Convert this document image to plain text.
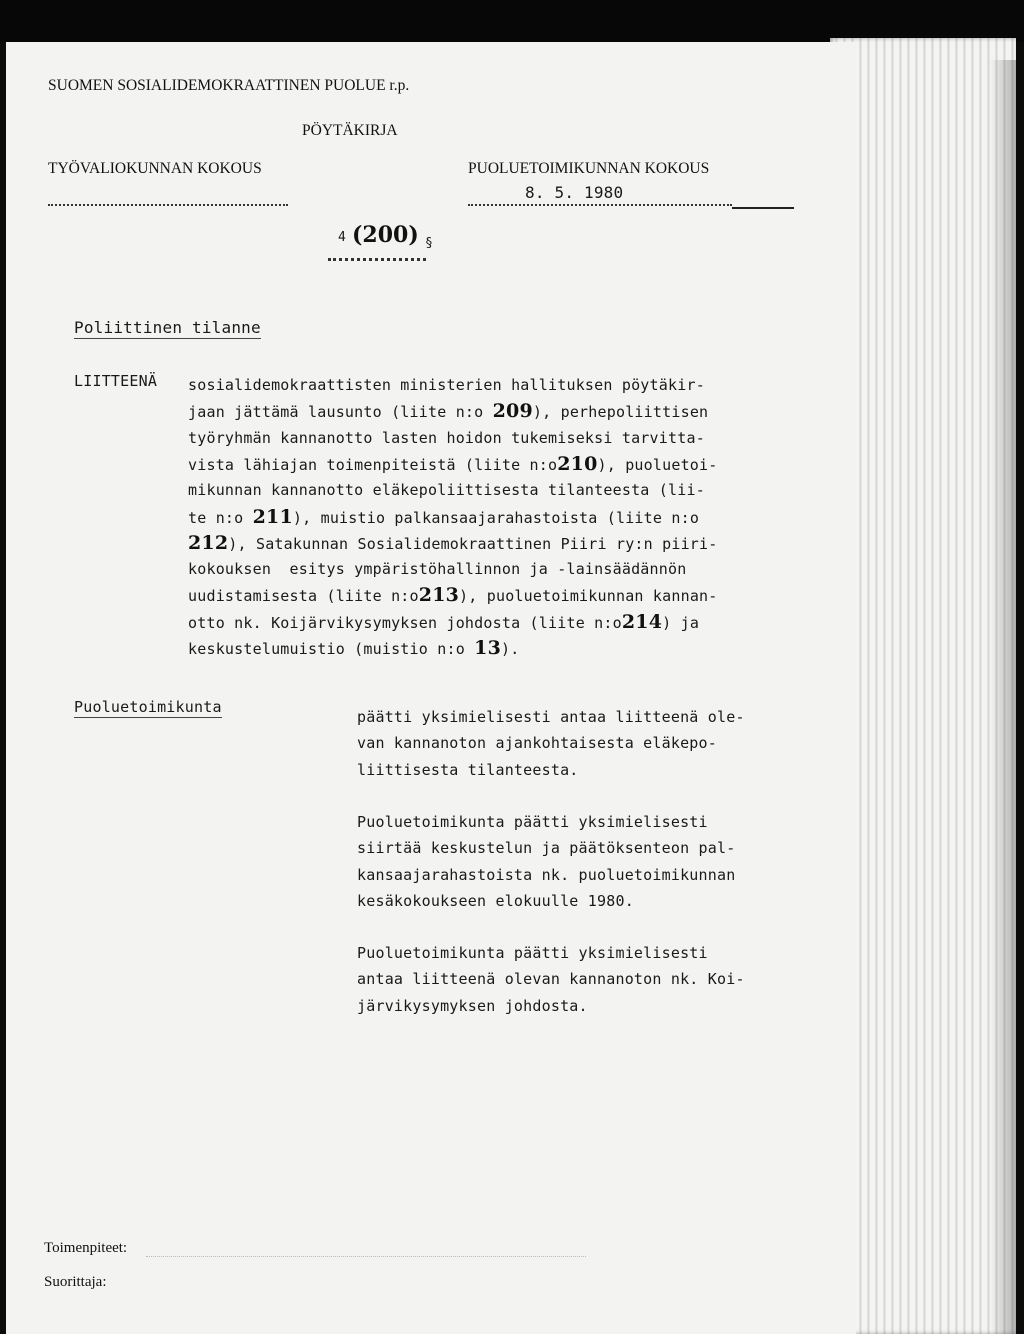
SUOMEN SOSIALIDEMOKRAATTINEN PUOLUE r.p.
PÖYTÄKIRJA
TYÖVALIOKUNNAN KOKOUS	PUOLUETOIMIKUNNAN KOKOUS
8. 5. 1980
4 (200) §
Poliittinen tilanne
LIITTEENÄ sosialidemokraattisten ministerien hallituksen pöytäkir-
jaan jättämä lausunto (liite n:o 209), perhepoliittisen
työryhmän kannanotto lasten hoidon tukemiseksi tarvitta-
vista lähiajan toimenpiteistä (liite n:o210), puoluetoi-
mikunnan kannanotto eläkepoliittisesta tilanteesta (lii-
te n:o 211), muistio palkansaajarahastoista (liite n:o
212), Satakunnan Sosialidemokraattinen Piiri ry:n piiri-
kokouksen  esitys ympäristöhallinnon ja -lainsäädännön
uudistamisesta (liite n:o213), puoluetoimikunnan kannan-
otto nk. Koijärvikysymyksen johdosta (liite n:o214) ja
keskustelumuistio (muistio n:o 13).
Puoluetoimikunta
päätti yksimielisesti antaa liitteenä ole-
van kannanoton ajankohtaisesta eläkepo-
liittisesta tilanteesta.
Puoluetoimikunta päätti yksimielisesti
siirtää keskustelun ja päätöksenteon pal-
kansaajarahastoista nk. puoluetoimikunnan
kesäkokoukseen elokuulle 1980.
Puoluetoimikunta päätti yksimielisesti
antaa liitteenä olevan kannanoton nk. Koi-
järvikysymyksen johdosta.
Toimenpiteet:
Suorittaja:
